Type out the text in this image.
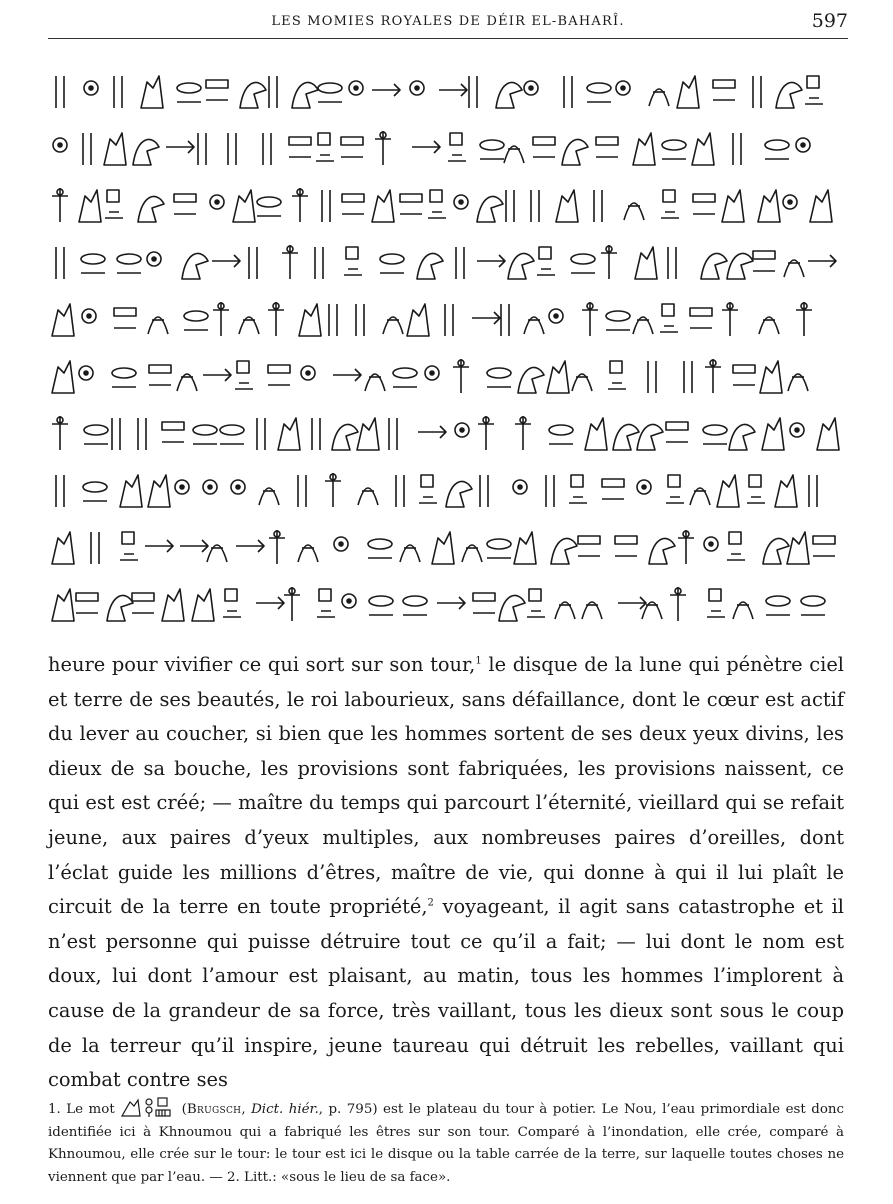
LES MOMIES ROYALES DE DÉIR EL-BAHARÎ.	597

heure pour vivifier ce qui sort sur son tour,$^1$ le disque de la lune qui pénètre ciel et terre de ses beautés, le roi labourieux, sans défaillance, dont le cœur est actif du lever au coucher, si bien que les hommes sortent de ses deux yeux divins, les dieux de sa bouche, les provisions sont fabriquées, les provisions naissent, ce qui est est créé; — maître du temps qui parcourt l’éternité, vieillard qui se refait jeune, aux paires d’yeux multiples, aux nombreuses paires d’oreilles, dont l’éclat guide les millions d’êtres, maître de vie, qui donne à qui il lui plaît le circuit de la terre en toute propriété,$^2$ voyageant, il agit sans catastrophe et il n’est personne qui puisse détruire tout ce qu’il a fait; — lui dont le nom est doux, lui dont l’amour est plaisant, au matin, tous les hommes l’implorent à cause de la grandeur de sa force, très vaillant, tous les dieux sont sous le coup de la terreur qu’il inspire, jeune taureau qui détruit les rebelles, vaillant qui combat contre ses

1. Le mot	(Brugsch, Dict. hiér., p. 795) est le plateau du tour à potier. Le Nou, l’eau primordiale est donc identifiée ici à Khnoumou qui a fabriqué les êtres sur son tour. Comparé à l’inondation, elle crée, comparé à Khnoumou, elle crée sur le tour: le tour est ici le disque ou la table carrée de la terre, sur laquelle toutes choses ne viennent que par l’eau. — 2. Litt.: «sous le lieu de sa face».
